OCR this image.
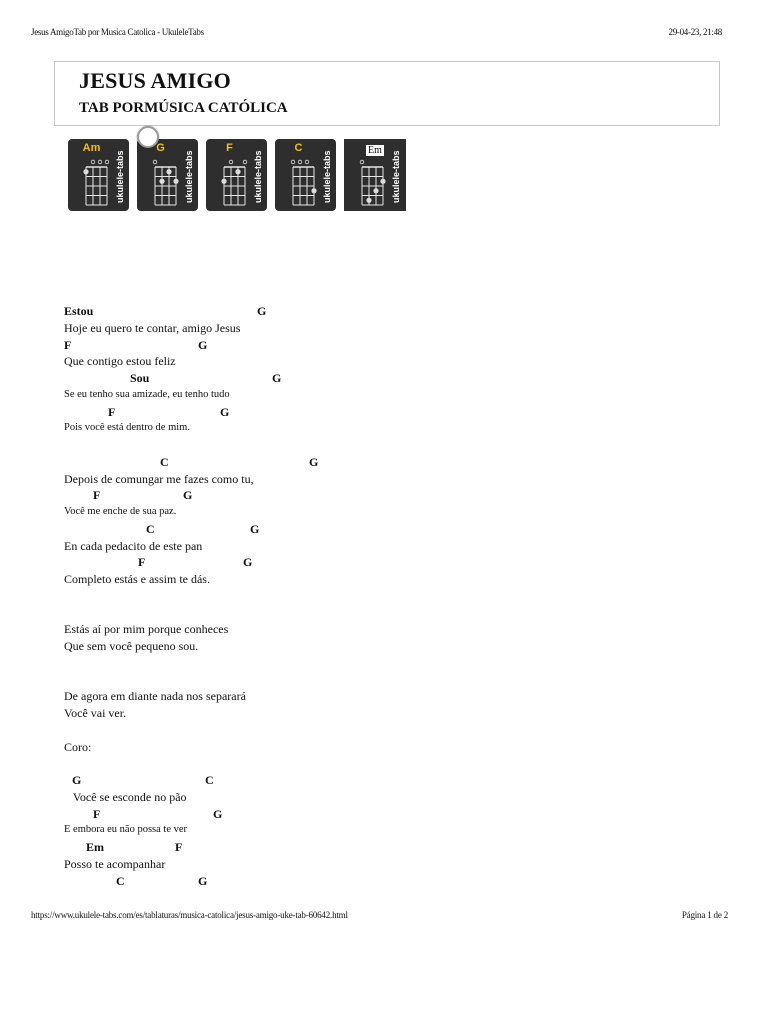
Jesus AmigoTab por Musica Catolica - UkuleleTabs	29-04-23, 21:48
JESUS AMIGO
TAB PORMÚSICA CATÓLICA
Am
ukulele-tabs
G
ukulele-tabs
F
ukulele-tabs
C
ukulele-tabs
Em
ukulele-tabs
Estou	G
Hoje eu quero te contar, amigo Jesus
F	G
Que contigo estou feliz
Sou	G
Se eu tenho sua amizade, eu tenho tudo
F	G
Pois você está dentro de mim.
C	G
Depois de comungar me fazes como tu,
F	G
Você me enche de sua paz.
C	G
En cada pedacito de este pan
F	G
Completo estás e assim te dás.
Estás aí por mim porque conheces
Que sem você pequeno sou.
De agora em diante nada nos separará
Você vai ver.
Coro:
G	C
Você se esconde no pão
F	G
E embora eu não possa te ver
Em	F
Posso te acompanhar
C	G
https://www.ukulele-tabs.com/es/tablaturas/musica-catolica/jesus-amigo-uke-tab-60642.html	Página 1 de 2
